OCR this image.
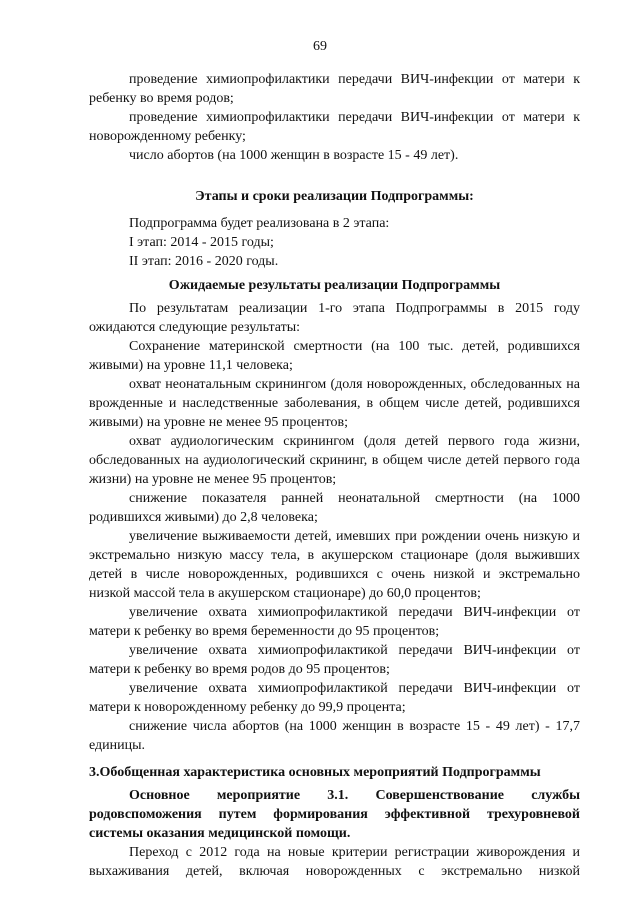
69

проведение химиопрофилактики передачи ВИЧ-инфекции от матери к ребенку во время родов;

проведение химиопрофилактики передачи ВИЧ-инфекции от матери к новорожденному ребенку;

число абортов (на 1000 женщин в возрасте 15 - 49 лет).

Этапы и сроки реализации Подпрограммы:

Подпрограмма будет реализована в 2 этапа:

I этап: 2014 - 2015 годы;

II этап: 2016 - 2020 годы.

Ожидаемые результаты реализации Подпрограммы

По результатам реализации 1-го этапа Подпрограммы в 2015 году ожидаются следующие результаты:

Сохранение материнской смертности (на 100 тыс. детей, родившихся живыми) на уровне 11,1 человека;

охват неонатальным скринингом (доля новорожденных, обследованных на врожденные и наследственные заболевания, в общем числе детей, родившихся живыми) на уровне не менее 95 процентов;

охват аудиологическим скринингом (доля детей первого года жизни, обследованных на аудиологический скрининг, в общем числе детей первого года жизни) на уровне не менее 95 процентов;

снижение показателя ранней неонатальной смертности (на 1000 родившихся живыми) до 2,8 человека;

увеличение выживаемости детей, имевших при рождении очень низкую и экстремально низкую массу тела, в акушерском стационаре (доля выживших детей в числе новорожденных, родившихся с очень низкой и экстремально низкой массой тела в акушерском стационаре) до 60,0 процентов;

увеличение охвата химиопрофилактикой передачи ВИЧ-инфекции от матери к ребенку во время беременности до 95 процентов;

увеличение охвата химиопрофилактикой передачи ВИЧ-инфекции от матери к ребенку во время родов до 95 процентов;

увеличение охвата химиопрофилактикой передачи ВИЧ-инфекции от матери к новорожденному ребенку до 99,9 процента;

снижение числа абортов (на 1000 женщин в возрасте 15 - 49 лет) - 17,7 единицы.

3.Обобщенная характеристика основных мероприятий Подпрограммы

Основное мероприятие 3.1. Совершенствование службы родовспоможения путем формирования эффективной трехуровневой системы оказания медицинской помощи.

Переход с 2012 года на новые критерии регистрации живорождения и выхаживания детей, включая новорожденных с экстремально низкой
